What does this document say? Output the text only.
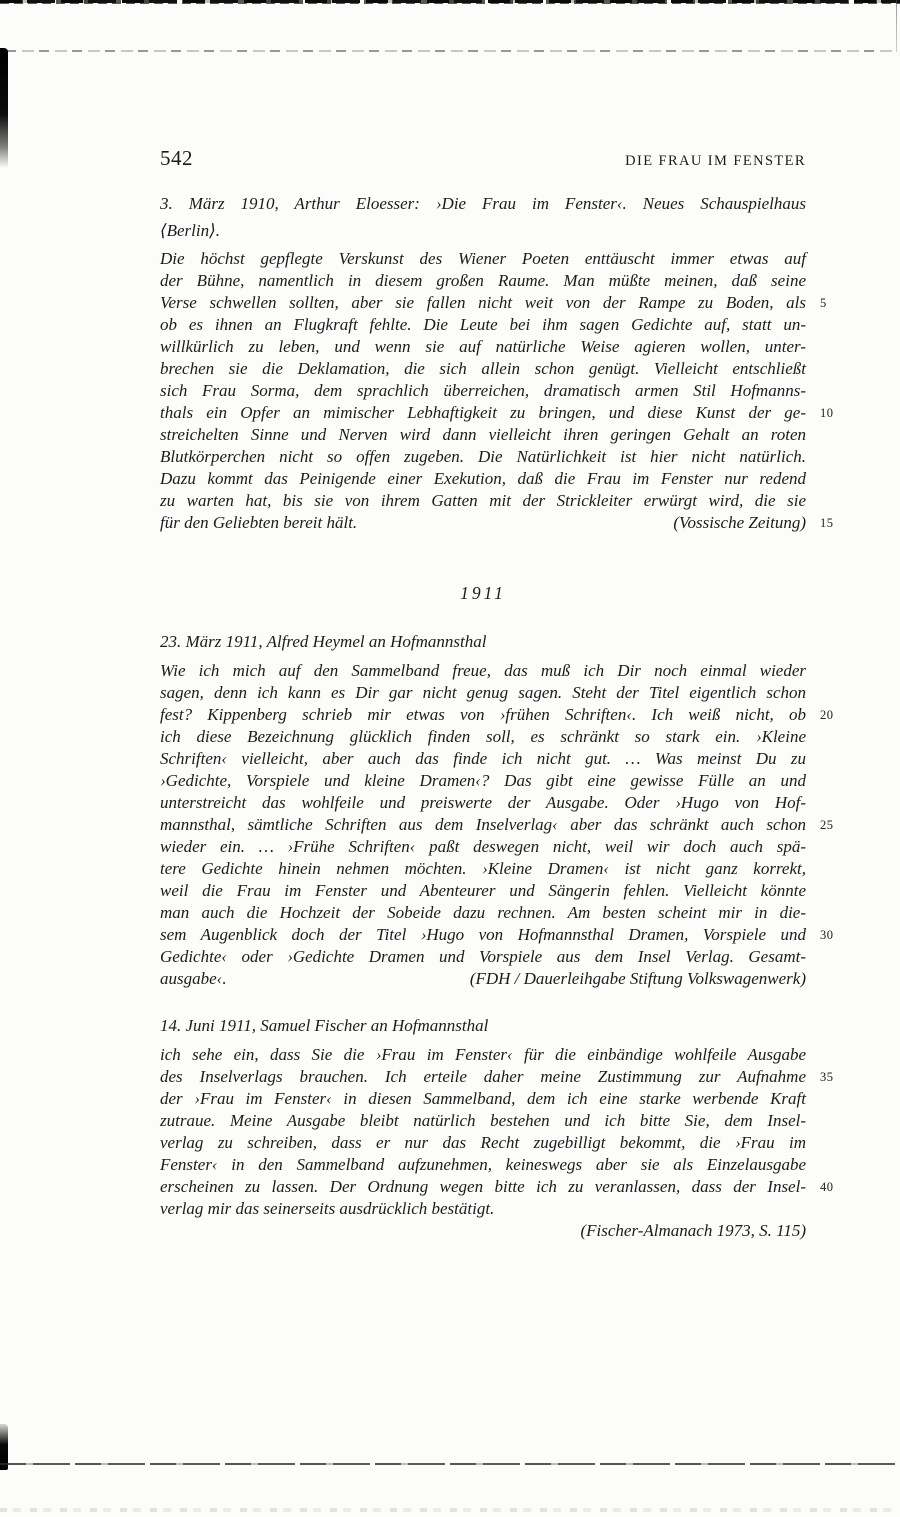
542	DIE FRAU IM FENSTER
3. März 1910, Arthur Eloesser: ›Die Frau im Fenster‹. Neues Schauspielhaus
⟨Berlin⟩.
Die höchst gepflegte Verskunst des Wiener Poeten enttäuscht immer etwas auf
der Bühne, namentlich in diesem großen Raume. Man müßte meinen, daß seine
Verse schwellen sollten, aber sie fallen nicht weit von der Rampe zu Boden, als 5
ob es ihnen an Flugkraft fehlte. Die Leute bei ihm sagen Gedichte auf, statt un-
willkürlich zu leben, und wenn sie auf natürliche Weise agieren wollen, unter-
brechen sie die Deklamation, die sich allein schon genügt. Vielleicht entschließt
sich Frau Sorma, dem sprachlich überreichen, dramatisch armen Stil Hofmanns-
thals ein Opfer an mimischer Lebhaftigkeit zu bringen, und diese Kunst der ge- 10
streichelten Sinne und Nerven wird dann vielleicht ihren geringen Gehalt an roten
Blutkörperchen nicht so offen zugeben. Die Natürlichkeit ist hier nicht natürlich.
Dazu kommt das Peinigende einer Exekution, daß die Frau im Fenster nur redend
zu warten hat, bis sie von ihrem Gatten mit der Strickleiter erwürgt wird, die sie
für den Geliebten bereit hält.	(Vossische Zeitung) 15
1911
23. März 1911, Alfred Heymel an Hofmannsthal
Wie ich mich auf den Sammelband freue, das muß ich Dir noch einmal wieder
sagen, denn ich kann es Dir gar nicht genug sagen. Steht der Titel eigentlich schon
fest? Kippenberg schrieb mir etwas von ›frühen Schriften‹. Ich weiß nicht, ob 20
ich diese Bezeichnung glücklich finden soll, es schränkt so stark ein. ›Kleine
Schriften‹ vielleicht, aber auch das finde ich nicht gut. … Was meinst Du zu
›Gedichte, Vorspiele und kleine Dramen‹? Das gibt eine gewisse Fülle an und
unterstreicht das wohlfeile und preiswerte der Ausgabe. Oder ›Hugo von Hof-
mannsthal, sämtliche Schriften aus dem Inselverlag‹ aber das schränkt auch schon 25
wieder ein. … ›Frühe Schriften‹ paßt deswegen nicht, weil wir doch auch spä-
tere Gedichte hinein nehmen möchten. ›Kleine Dramen‹ ist nicht ganz korrekt,
weil die Frau im Fenster und Abenteurer und Sängerin fehlen. Vielleicht könnte
man auch die Hochzeit der Sobeide dazu rechnen. Am besten scheint mir in die-
sem Augenblick doch der Titel ›Hugo von Hofmannsthal Dramen, Vorspiele und 30
Gedichte‹ oder ›Gedichte Dramen und Vorspiele aus dem Insel Verlag. Gesamt-
ausgabe‹.	(FDH / Dauerleihgabe Stiftung Volkswagenwerk)
14. Juni 1911, Samuel Fischer an Hofmannsthal
ich sehe ein, dass Sie die ›Frau im Fenster‹ für die einbändige wohlfeile Ausgabe
des Inselverlags brauchen. Ich erteile daher meine Zustimmung zur Aufnahme 35
der ›Frau im Fenster‹ in diesen Sammelband, dem ich eine starke werbende Kraft
zutraue. Meine Ausgabe bleibt natürlich bestehen und ich bitte Sie, dem Insel-
verlag zu schreiben, dass er nur das Recht zugebilligt bekommt, die ›Frau im
Fenster‹ in den Sammelband aufzunehmen, keineswegs aber sie als Einzelausgabe
erscheinen zu lassen. Der Ordnung wegen bitte ich zu veranlassen, dass der Insel- 40
verlag mir das seinerseits ausdrücklich bestätigt.
(Fischer-Almanach 1973, S. 115)
